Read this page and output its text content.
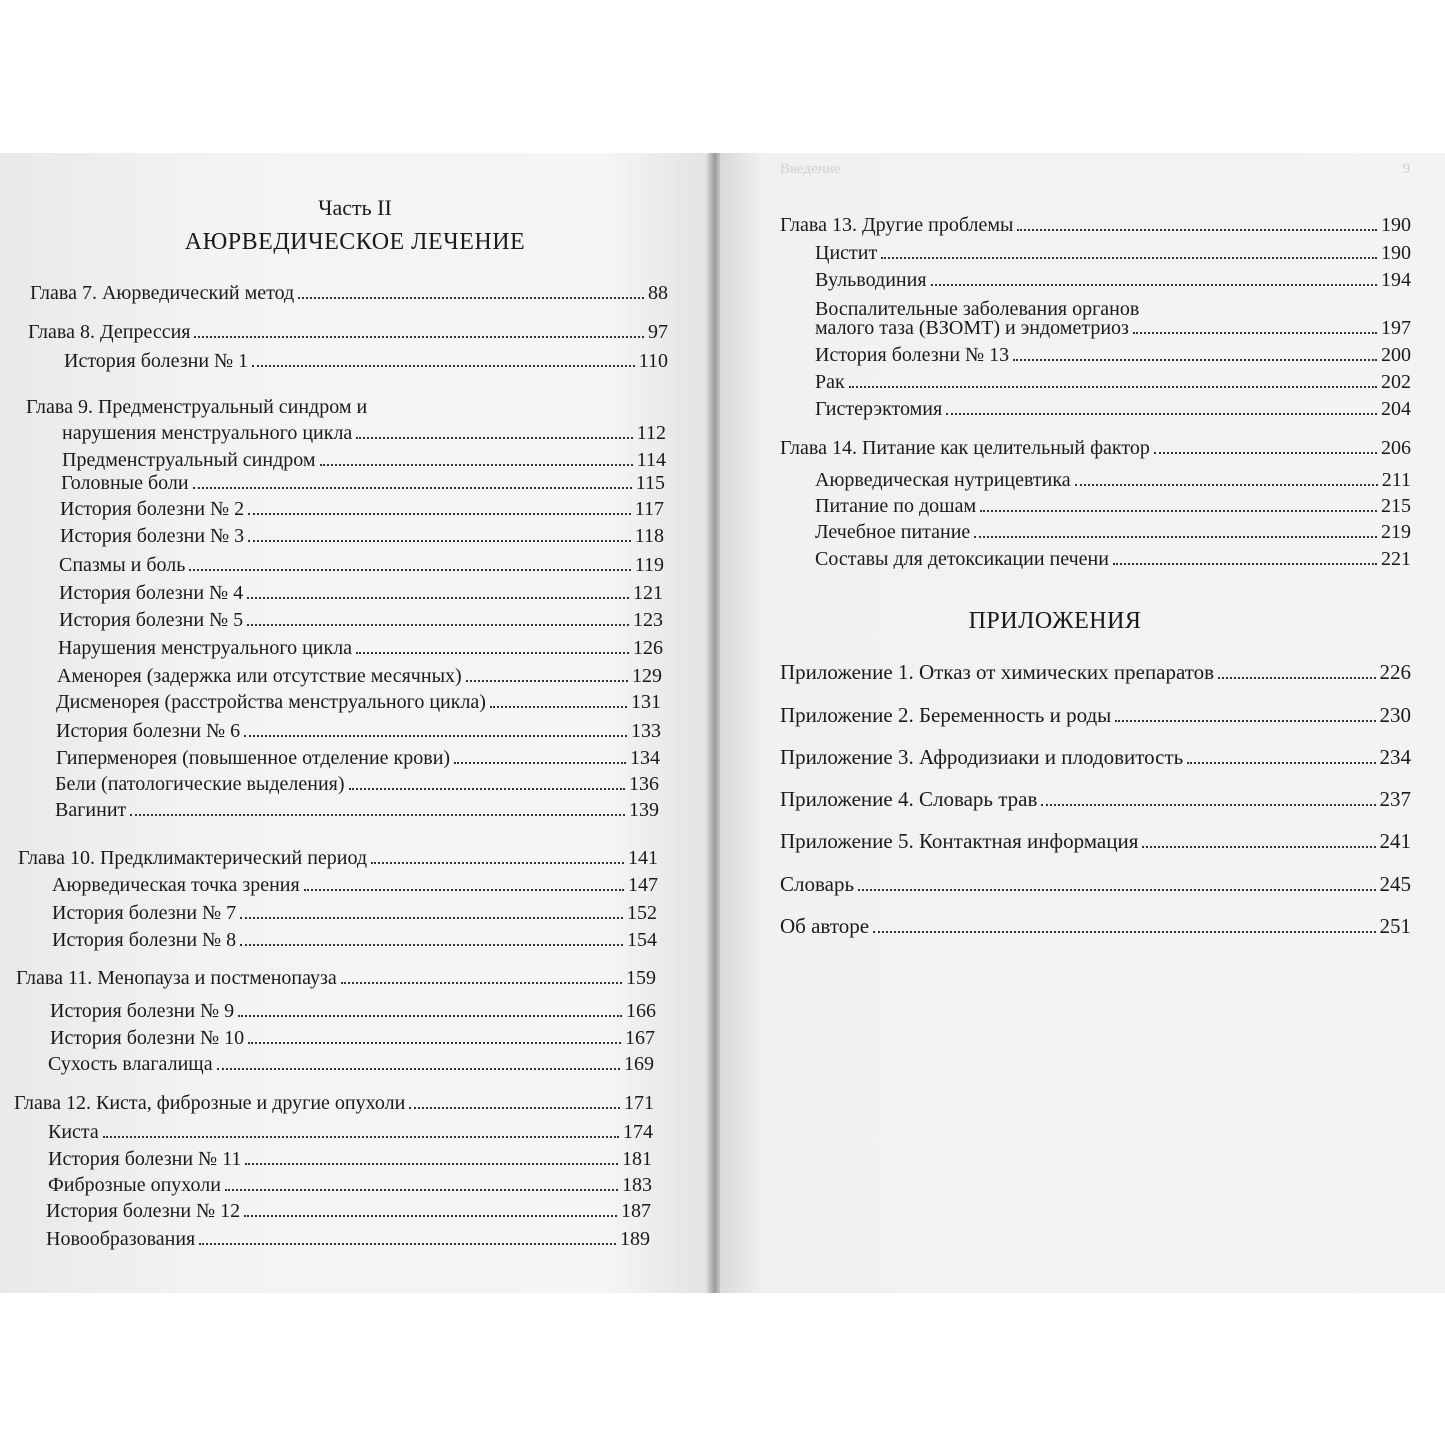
Часть II
АЮРВЕДИЧЕСКОЕ ЛЕЧЕНИЕ
Глава 7. Аюрведический метод	88
Глава 8. Депрессия	97
История болезни № 1	110
Глава 9. Предменструальный синдром и
нарушения менструального цикла	112
Предменструальный синдром	114
Головные боли	115
История болезни № 2	117
История болезни № 3	118
Спазмы и боль	119
История болезни № 4	121
История болезни № 5	123
Нарушения менструального цикла	126
Аменорея (задержка или отсутствие месячных)	129
Дисменорея (расстройства менструального цикла)	131
История болезни № 6	133
Гиперменорея (повышенное отделение крови)	134
Бели (патологические выделения)	136
Вагинит	139
Глава 10. Предклимактерический период	141
Аюрведическая точка зрения	147
История болезни № 7	152
История болезни № 8	154
Глава 11. Менопауза и постменопауза	159
История болезни № 9	166
История болезни № 10	167
Сухость влагалища	169
Глава 12. Киста, фиброзные и другие опухоли	171
Киста	174
История болезни № 11	181
Фиброзные опухоли	183
История болезни № 12	187
Новообразования	189
Введение	9
Глава 13. Другие проблемы	190
Цистит	190
Вульводиния	194
Воспалительные заболевания органов
малого таза (ВЗОМТ) и эндометриоз	197
История болезни № 13	200
Рак	202
Гистерэктомия	204
Глава 14. Питание как целительный фактор	206
Аюрведическая нутрицевтика	211
Питание по дошам	215
Лечебное питание	219
Составы для детоксикации печени	221
ПРИЛОЖЕНИЯ
Приложение 1. Отказ от химических препаратов	226
Приложение 2. Беременность и роды	230
Приложение 3. Афродизиаки и плодовитость	234
Приложение 4. Словарь трав	237
Приложение 5. Контактная информация	241
Словарь	245
Об авторе	251
